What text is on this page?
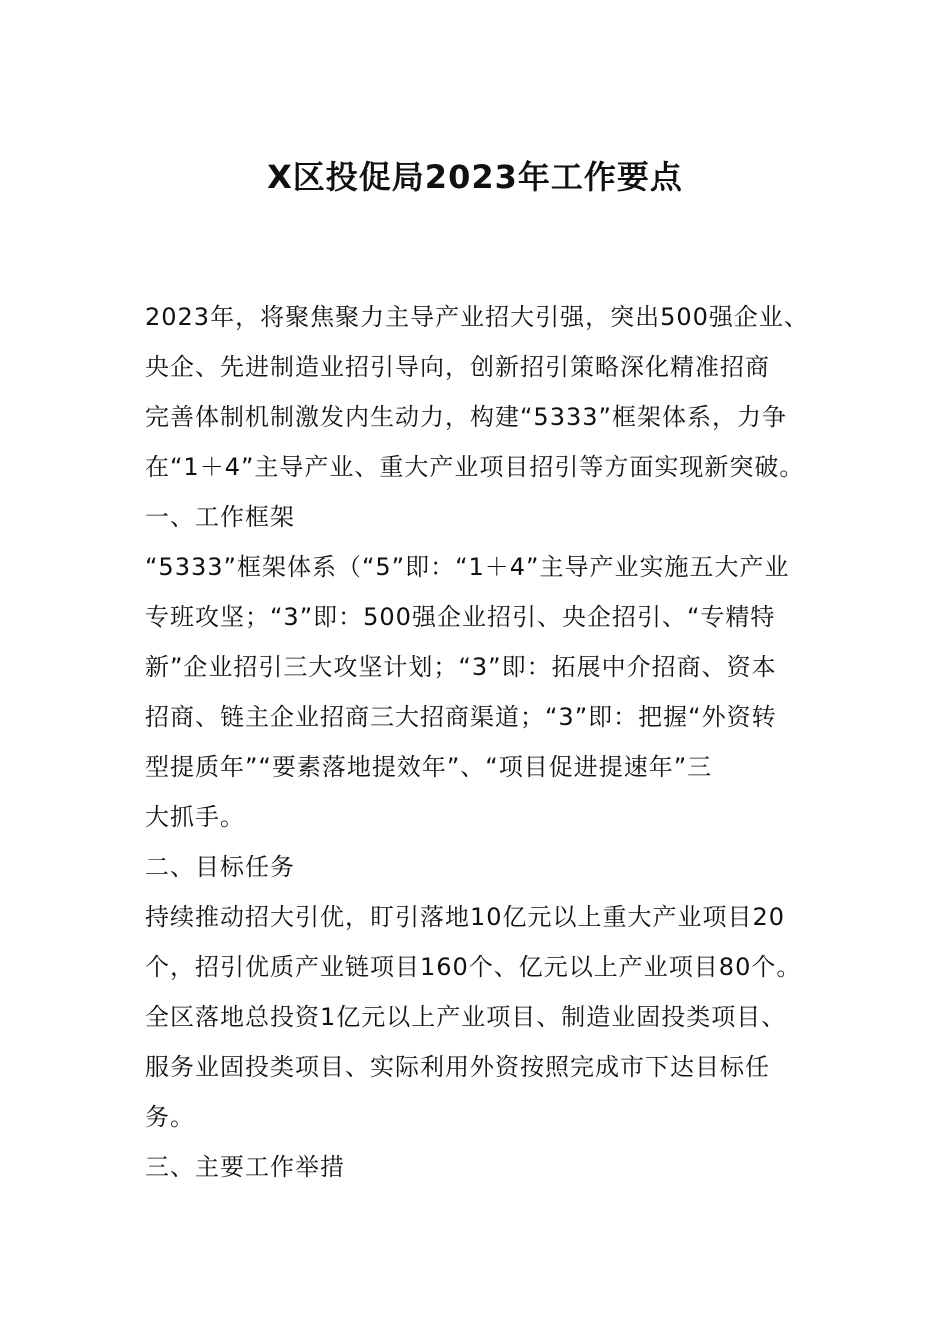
X区投促局2023年工作要点
2023年，将聚焦聚力主导产业招大引强，突出500强企业、
央企、先进制造业招引导向，创新招引策略深化精准招商
完善体制机制激发内生动力，构建“5333”框架体系，力争
在“1＋4”主导产业、重大产业项目招引等方面实现新突破。
一、工作框架
“5333”框架体系（“5”即：“1＋4”主导产业实施五大产业
专班攻坚；“3”即：500强企业招引、央企招引、“专精特
新”企业招引三大攻坚计划；“3”即：拓展中介招商、资本
招商、链主企业招商三大招商渠道；“3”即：把握“外资转
型提质年”“要素落地提效年”、“项目促进提速年”三
大抓手。
二、目标任务
持续推动招大引优，盯引落地10亿元以上重大产业项目20
个，招引优质产业链项目160个、亿元以上产业项目80个。
全区落地总投资1亿元以上产业项目、制造业固投类项目、
服务业固投类项目、实际利用外资按照完成市下达目标任
务。
三、主要工作举措
